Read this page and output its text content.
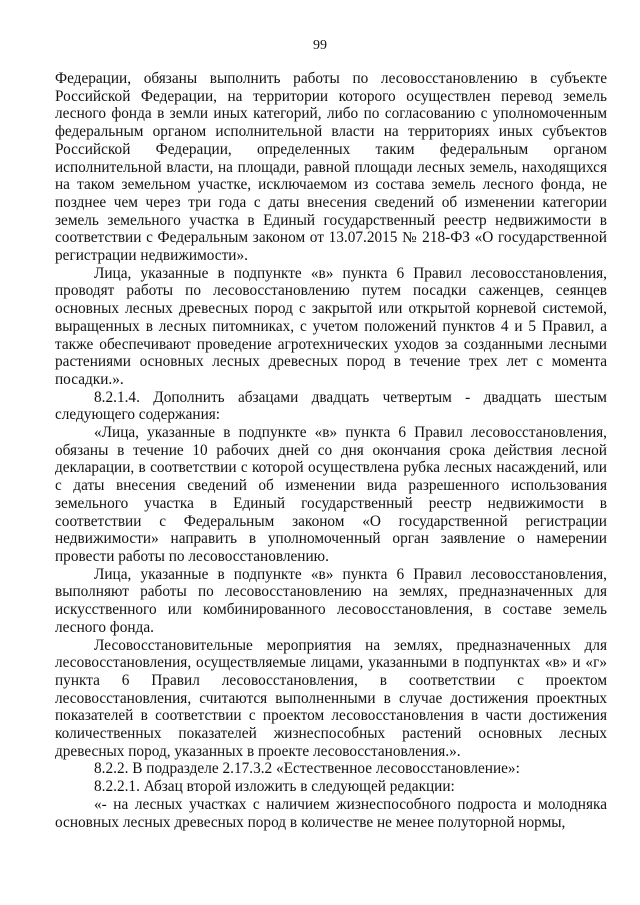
99

Федерации, обязаны выполнить работы по лесовосстановлению в субъекте Российской Федерации, на территории которого осуществлен перевод земель лесного фонда в земли иных категорий, либо по согласованию с уполномоченным федеральным органом исполнительной власти на территориях иных субъектов Российской Федерации, определенных таким федеральным органом исполнительной власти, на площади, равной площади лесных земель, находящихся на таком земельном участке, исключаемом из состава земель лесного фонда, не позднее чем через три года с даты внесения сведений об изменении категории земель земельного участка в Единый государственный реестр недвижимости в соответствии с Федеральным законом от 13.07.2015 № 218-ФЗ «О государственной регистрации недвижимости».

Лица, указанные в подпункте «в» пункта 6 Правил лесовосстановления, проводят работы по лесовосстановлению путем посадки саженцев, сеянцев основных лесных древесных пород с закрытой или открытой корневой системой, выращенных в лесных питомниках, с учетом положений пунктов 4 и 5 Правил, а также обеспечивают проведение агротехнических уходов за созданными лесными растениями основных лесных древесных пород в течение трех лет с момента посадки.».

8.2.1.4. Дополнить абзацами двадцать четвертым - двадцать шестым следующего содержания:

«Лица, указанные в подпункте «в» пункта 6 Правил лесовосстановления, обязаны в течение 10 рабочих дней со дня окончания срока действия лесной декларации, в соответствии с которой осуществлена рубка лесных насаждений, или с даты внесения сведений об изменении вида разрешенного использования земельного участка в Единый государственный реестр недвижимости в соответствии с Федеральным законом «О государственной регистрации недвижимости» направить в уполномоченный орган заявление о намерении провести работы по лесовосстановлению.

Лица, указанные в подпункте «в» пункта 6 Правил лесовосстановления, выполняют работы по лесовосстановлению на землях, предназначенных для искусственного или комбинированного лесовосстановления, в составе земель лесного фонда.

Лесовосстановительные мероприятия на землях, предназначенных для лесовосстановления, осуществляемые лицами, указанными в подпунктах «в» и «г» пункта 6 Правил лесовосстановления, в соответствии с проектом лесовосстановления, считаются выполненными в случае достижения проектных показателей в соответствии с проектом лесовосстановления в части достижения количественных показателей жизнеспособных растений основных лесных древесных пород, указанных в проекте лесовосстановления.».

8.2.2. В подразделе 2.17.3.2 «Естественное лесовосстановление»:

8.2.2.1. Абзац второй изложить в следующей редакции:

«- на лесных участках с наличием жизнеспособного подроста и молодняка основных лесных древесных пород в количестве не менее полуторной нормы,
